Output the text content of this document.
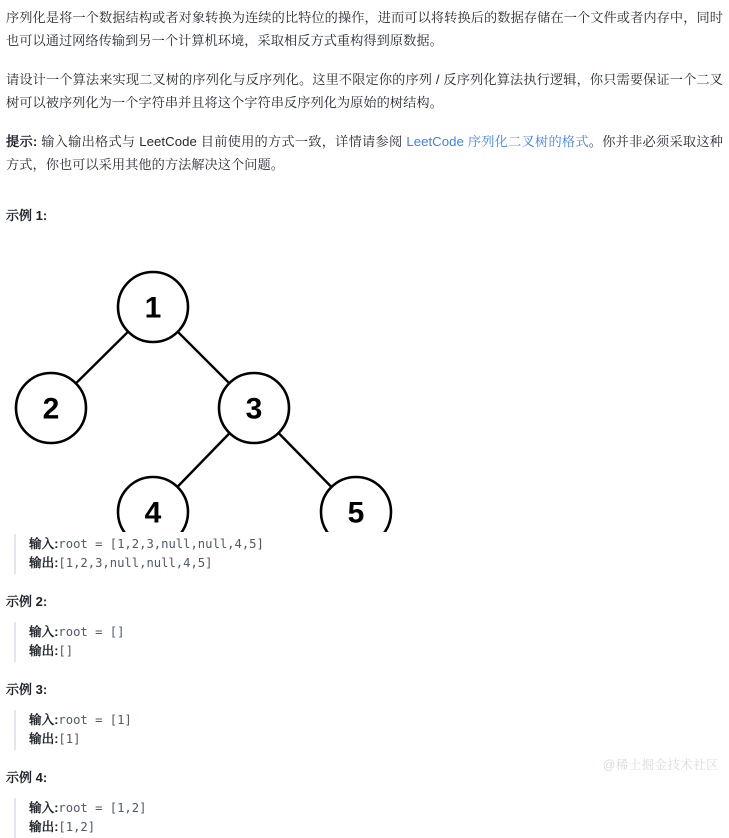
序列化是将一个数据结构或者对象转换为连续的比特位的操作，进而可以将转换后的数据存储在一个文件或者内存中，同时也可以通过网络传输到另一个计算机环境，采取相反方式重构得到原数据。

请设计一个算法来实现二叉树的序列化与反序列化。这里不限定你的序列 / 反序列化算法执行逻辑，你只需要保证一个二叉树可以被序列化为一个字符串并且将这个字符串反序列化为原始的树结构。

提示: 输入输出格式与 LeetCode 目前使用的方式一致，详情请参阅 LeetCode 序列化二叉树的格式。你并非必须采取这种方式，你也可以采用其他的方法解决这个问题。

示例 1:
1
2	3
4	5
输入:root = [1,2,3,null,null,4,5]
输出:[1,2,3,null,null,4,5]
示例 2:
输入:root = []
输出:[]
示例 3:
输入:root = [1]
输出:[1]
示例 4:
输入:root = [1,2]
输出:[1,2]
@稀土掘金技术社区
